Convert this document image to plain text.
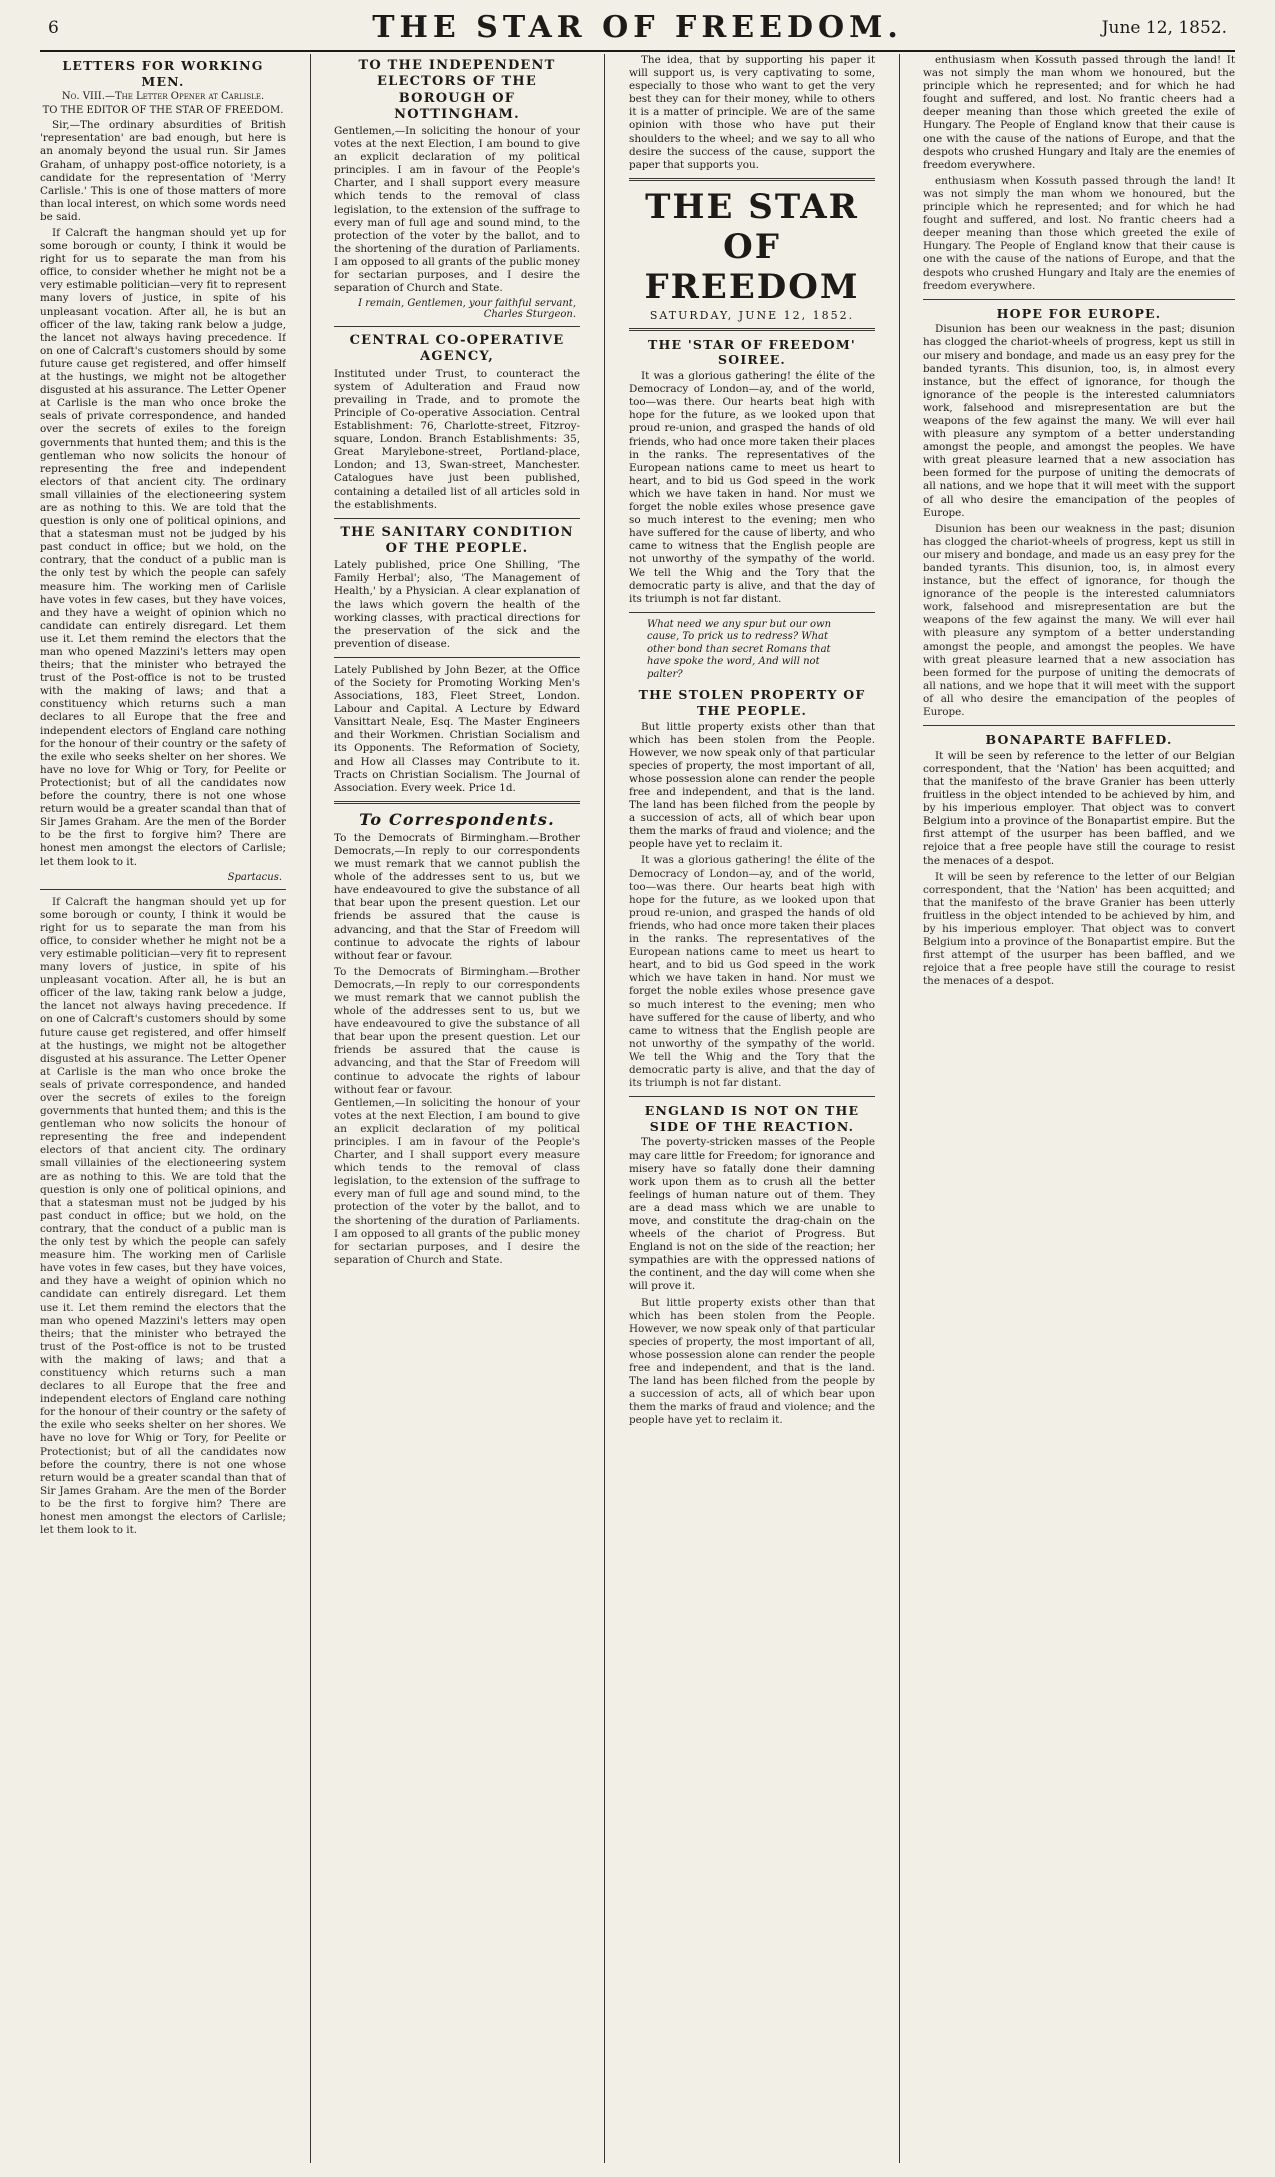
6	THE STAR OF FREEDOM.	June 12, 1852.
LETTERS FOR WORKING MEN.
No. VIII.—The Letter Opener at Carlisle.
TO THE EDITOR OF THE STAR OF FREEDOM.

Sir,—The ordinary absurdities of British 'representation' are bad enough, but here is an anomaly beyond the usual run. Sir James Graham, of unhappy post-office notoriety, is a candidate for the representation of 'Merry Carlisle.' This is one of those matters of more than local interest, on which some words need be said.

If Calcraft the hangman should yet up for some borough or county, I think it would be right for us to separate the man from his office, to consider whether he might not be a very estimable politician—very fit to represent many lovers of justice, in spite of his unpleasant vocation. After all, he is but an officer of the law, taking rank below a judge, the lancet not always having precedence. If on one of Calcraft's customers should by some future cause get registered, and offer himself at the hustings, we might not be altogether disgusted at his assurance. The Letter Opener at Carlisle is the man who once broke the seals of private correspondence, and handed over the secrets of exiles to the foreign governments that hunted them; and this is the gentleman who now solicits the honour of representing the free and independent electors of that ancient city. The ordinary small villainies of the electioneering system are as nothing to this. We are told that the question is only one of political opinions, and that a statesman must not be judged by his past conduct in office; but we hold, on the contrary, that the conduct of a public man is the only test by which the people can safely measure him. The working men of Carlisle have votes in few cases, but they have voices, and they have a weight of opinion which no candidate can entirely disregard. Let them use it. Let them remind the electors that the man who opened Mazzini's letters may open theirs; that the minister who betrayed the trust of the Post-office is not to be trusted with the making of laws; and that a constituency which returns such a man declares to all Europe that the free and independent electors of England care nothing for the honour of their country or the safety of the exile who seeks shelter on her shores. We have no love for Whig or Tory, for Peelite or Protectionist; but of all the candidates now before the country, there is not one whose return would be a greater scandal than that of Sir James Graham. Are the men of the Border to be the first to forgive him? There are honest men amongst the electors of Carlisle; let them look to it.

Spartacus.

If Calcraft the hangman should yet up for some borough or county, I think it would be right for us to separate the man from his office, to consider whether he might not be a very estimable politician—very fit to represent many lovers of justice, in spite of his unpleasant vocation. After all, he is but an officer of the law, taking rank below a judge, the lancet not always having precedence. If on one of Calcraft's customers should by some future cause get registered, and offer himself at the hustings, we might not be altogether disgusted at his assurance. The Letter Opener at Carlisle is the man who once broke the seals of private correspondence, and handed over the secrets of exiles to the foreign governments that hunted them; and this is the gentleman who now solicits the honour of representing the free and independent electors of that ancient city. The ordinary small villainies of the electioneering system are as nothing to this. We are told that the question is only one of political opinions, and that a statesman must not be judged by his past conduct in office; but we hold, on the contrary, that the conduct of a public man is the only test by which the people can safely measure him. The working men of Carlisle have votes in few cases, but they have voices, and they have a weight of opinion which no candidate can entirely disregard. Let them use it. Let them remind the electors that the man who opened Mazzini's letters may open theirs; that the minister who betrayed the trust of the Post-office is not to be trusted with the making of laws; and that a constituency which returns such a man declares to all Europe that the free and independent electors of England care nothing for the honour of their country or the safety of the exile who seeks shelter on her shores. We have no love for Whig or Tory, for Peelite or Protectionist; but of all the candidates now before the country, there is not one whose return would be a greater scandal than that of Sir James Graham. Are the men of the Border to be the first to forgive him? There are honest men amongst the electors of Carlisle; let them look to it.

TO THE INDEPENDENT ELECTORS OF THE BOROUGH OF NOTTINGHAM.

Gentlemen,—In soliciting the honour of your votes at the next Election, I am bound to give an explicit declaration of my political principles. I am in favour of the People's Charter, and I shall support every measure which tends to the removal of class legislation, to the extension of the suffrage to every man of full age and sound mind, to the protection of the voter by the ballot, and to the shortening of the duration of Parliaments. I am opposed to all grants of the public money for sectarian purposes, and I desire the separation of Church and State.

I remain, Gentlemen, your faithful servant, Charles Sturgeon.
CENTRAL CO-OPERATIVE AGENCY,

Instituted under Trust, to counteract the system of Adulteration and Fraud now prevailing in Trade, and to promote the Principle of Co-operative Association. Central Establishment: 76, Charlotte-street, Fitzroy-square, London. Branch Establishments: 35, Great Marylebone-street, Portland-place, London; and 13, Swan-street, Manchester. Catalogues have just been published, containing a detailed list of all articles sold in the establishments.

THE SANITARY CONDITION OF THE PEOPLE.

Lately published, price One Shilling, 'The Family Herbal'; also, 'The Management of Health,' by a Physician. A clear explanation of the laws which govern the health of the working classes, with practical directions for the preservation of the sick and the prevention of disease.

Lately Published by John Bezer, at the Office of the Society for Promoting Working Men's Associations, 183, Fleet Street, London. Labour and Capital. A Lecture by Edward Vansittart Neale, Esq. The Master Engineers and their Workmen. Christian Socialism and its Opponents. The Reformation of Society, and How all Classes may Contribute to it. Tracts on Christian Socialism. The Journal of Association. Every week. Price 1d.

To Correspondents.

To the Democrats of Birmingham.—Brother Democrats,—In reply to our correspondents we must remark that we cannot publish the whole of the addresses sent to us, but we have endeavoured to give the substance of all that bear upon the present question. Let our friends be assured that the cause is advancing, and that the Star of Freedom will continue to advocate the rights of labour without fear or favour.

To the Democrats of Birmingham.—Brother Democrats,—In reply to our correspondents we must remark that we cannot publish the whole of the addresses sent to us, but we have endeavoured to give the substance of all that bear upon the present question. Let our friends be assured that the cause is advancing, and that the Star of Freedom will continue to advocate the rights of labour without fear or favour.

Gentlemen,—In soliciting the honour of your votes at the next Election, I am bound to give an explicit declaration of my political principles. I am in favour of the People's Charter, and I shall support every measure which tends to the removal of class legislation, to the extension of the suffrage to every man of full age and sound mind, to the protection of the voter by the ballot, and to the shortening of the duration of Parliaments. I am opposed to all grants of the public money for sectarian purposes, and I desire the separation of Church and State.

The idea, that by supporting his paper it will support us, is very captivating to some, especially to those who want to get the very best they can for their money, while to others it is a matter of principle. We are of the same opinion with those who have put their shoulders to the wheel; and we say to all who desire the success of the cause, support the paper that supports you.

THE STAR OF FREEDOM
SATURDAY, JUNE 12, 1852.
THE 'STAR OF FREEDOM' SOIREE.

It was a glorious gathering! the élite of the Democracy of London—ay, and of the world, too—was there. Our hearts beat high with hope for the future, as we looked upon that proud re-union, and grasped the hands of old friends, who had once more taken their places in the ranks. The representatives of the European nations came to meet us heart to heart, and to bid us God speed in the work which we have taken in hand. Nor must we forget the noble exiles whose presence gave so much interest to the evening; men who have suffered for the cause of liberty, and who came to witness that the English people are not unworthy of the sympathy of the world. We tell the Whig and the Tory that the democratic party is alive, and that the day of its triumph is not far distant.

What need we any spur but our own cause, To prick us to redress? What other bond than secret Romans that have spoke the word, And will not palter?
THE STOLEN PROPERTY OF THE PEOPLE.

But little property exists other than that which has been stolen from the People. However, we now speak only of that particular species of property, the most important of all, whose possession alone can render the people free and independent, and that is the land. The land has been filched from the people by a succession of acts, all of which bear upon them the marks of fraud and violence; and the people have yet to reclaim it.

It was a glorious gathering! the élite of the Democracy of London—ay, and of the world, too—was there. Our hearts beat high with hope for the future, as we looked upon that proud re-union, and grasped the hands of old friends, who had once more taken their places in the ranks. The representatives of the European nations came to meet us heart to heart, and to bid us God speed in the work which we have taken in hand. Nor must we forget the noble exiles whose presence gave so much interest to the evening; men who have suffered for the cause of liberty, and who came to witness that the English people are not unworthy of the sympathy of the world. We tell the Whig and the Tory that the democratic party is alive, and that the day of its triumph is not far distant.

ENGLAND IS NOT ON THE SIDE OF THE REACTION.

The poverty-stricken masses of the People may care little for Freedom; for ignorance and misery have so fatally done their damning work upon them as to crush all the better feelings of human nature out of them. They are a dead mass which we are unable to move, and constitute the drag-chain on the wheels of the chariot of Progress. But England is not on the side of the reaction; her sympathies are with the oppressed nations of the continent, and the day will come when she will prove it.

But little property exists other than that which has been stolen from the People. However, we now speak only of that particular species of property, the most important of all, whose possession alone can render the people free and independent, and that is the land. The land has been filched from the people by a succession of acts, all of which bear upon them the marks of fraud and violence; and the people have yet to reclaim it.

enthusiasm when Kossuth passed through the land! It was not simply the man whom we honoured, but the principle which he represented; and for which he had fought and suffered, and lost. No frantic cheers had a deeper meaning than those which greeted the exile of Hungary. The People of England know that their cause is one with the cause of the nations of Europe, and that the despots who crushed Hungary and Italy are the enemies of freedom everywhere.

enthusiasm when Kossuth passed through the land! It was not simply the man whom we honoured, but the principle which he represented; and for which he had fought and suffered, and lost. No frantic cheers had a deeper meaning than those which greeted the exile of Hungary. The People of England know that their cause is one with the cause of the nations of Europe, and that the despots who crushed Hungary and Italy are the enemies of freedom everywhere.

HOPE FOR EUROPE.

Disunion has been our weakness in the past; disunion has clogged the chariot-wheels of progress, kept us still in our misery and bondage, and made us an easy prey for the banded tyrants. This disunion, too, is, in almost every instance, but the effect of ignorance, for though the ignorance of the people is the interested calumniators work, falsehood and misrepresentation are but the weapons of the few against the many. We will ever hail with pleasure any symptom of a better understanding amongst the people, and amongst the peoples. We have with great pleasure learned that a new association has been formed for the purpose of uniting the democrats of all nations, and we hope that it will meet with the support of all who desire the emancipation of the peoples of Europe.

Disunion has been our weakness in the past; disunion has clogged the chariot-wheels of progress, kept us still in our misery and bondage, and made us an easy prey for the banded tyrants. This disunion, too, is, in almost every instance, but the effect of ignorance, for though the ignorance of the people is the interested calumniators work, falsehood and misrepresentation are but the weapons of the few against the many. We will ever hail with pleasure any symptom of a better understanding amongst the people, and amongst the peoples. We have with great pleasure learned that a new association has been formed for the purpose of uniting the democrats of all nations, and we hope that it will meet with the support of all who desire the emancipation of the peoples of Europe.

BONAPARTE BAFFLED.

It will be seen by reference to the letter of our Belgian correspondent, that the 'Nation' has been acquitted; and that the manifesto of the brave Granier has been utterly fruitless in the object intended to be achieved by him, and by his imperious employer. That object was to convert Belgium into a province of the Bonapartist empire. But the first attempt of the usurper has been baffled, and we rejoice that a free people have still the courage to resist the menaces of a despot.

It will be seen by reference to the letter of our Belgian correspondent, that the 'Nation' has been acquitted; and that the manifesto of the brave Granier has been utterly fruitless in the object intended to be achieved by him, and by his imperious employer. That object was to convert Belgium into a province of the Bonapartist empire. But the first attempt of the usurper has been baffled, and we rejoice that a free people have still the courage to resist the menaces of a despot.
